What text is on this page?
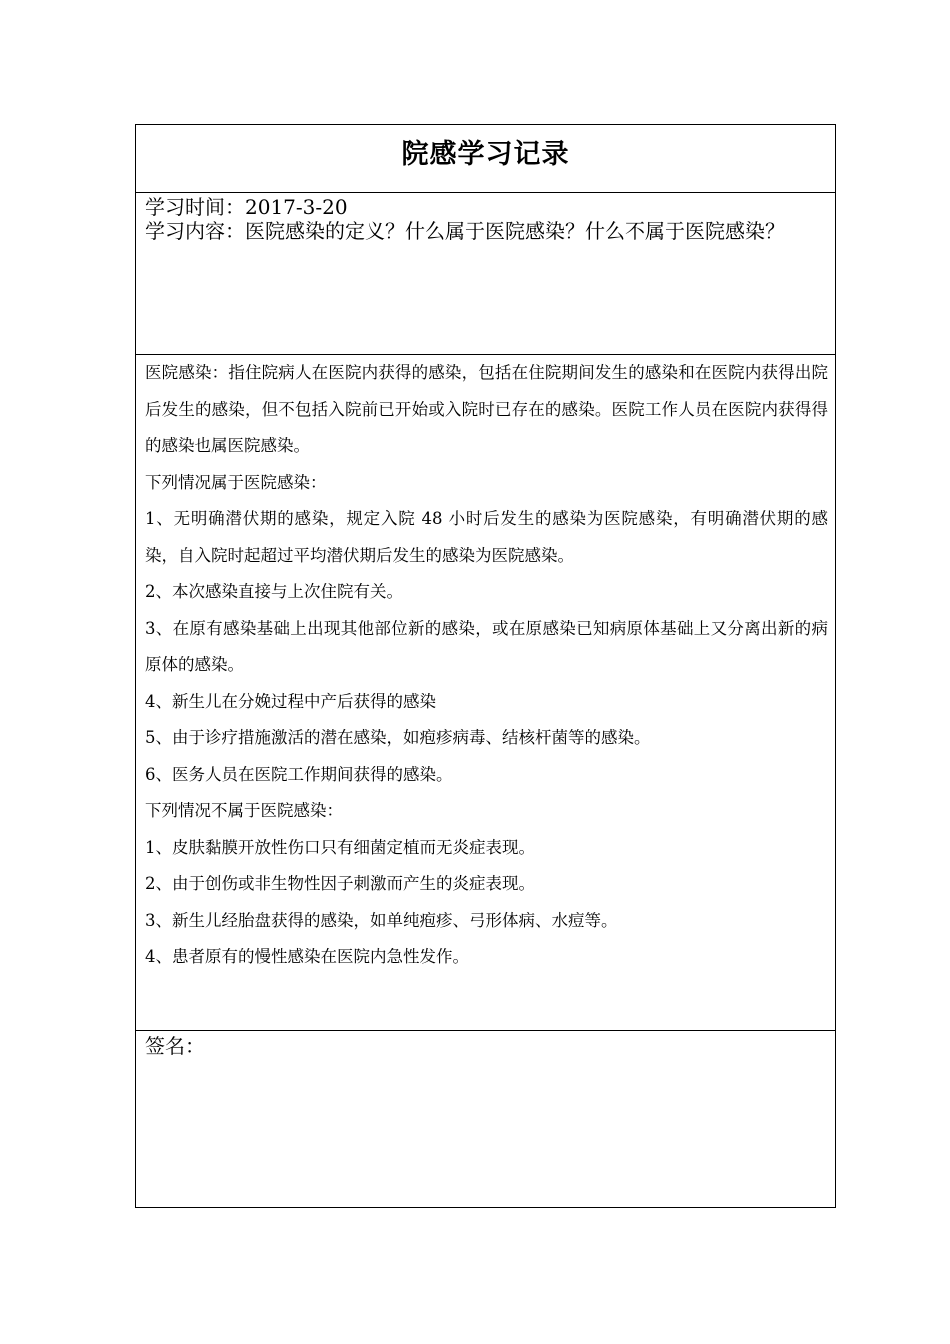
院感学习记录
学习时间：2017-3-20
学习内容：医院感染的定义？什么属于医院感染？什么不属于医院感染？

医院感染：指住院病人在医院内获得的感染，包括在住院期间发生的感染和在医院内获得出院后发生的感染，但不包括入院前已开始或入院时已存在的感染。医院工作人员在医院内获得得的感染也属医院感染。

下列情况属于医院感染：

1、无明确潜伏期的感染，规定入院 48 小时后发生的感染为医院感染，有明确潜伏期的感染，自入院时起超过平均潜伏期后发生的感染为医院感染。

2、本次感染直接与上次住院有关。

3、在原有感染基础上出现其他部位新的感染，或在原感染已知病原体基础上又分离出新的病原体的感染。

4、新生儿在分娩过程中产后获得的感染

5、由于诊疗措施激活的潜在感染，如疱疹病毒、结核杆菌等的感染。

6、医务人员在医院工作期间获得的感染。

下列情况不属于医院感染：

1、皮肤黏膜开放性伤口只有细菌定植而无炎症表现。

2、由于创伤或非生物性因子刺激而产生的炎症表现。

3、新生儿经胎盘获得的感染，如单纯疱疹、弓形体病、水痘等。

4、患者原有的慢性感染在医院内急性发作。

签名：
